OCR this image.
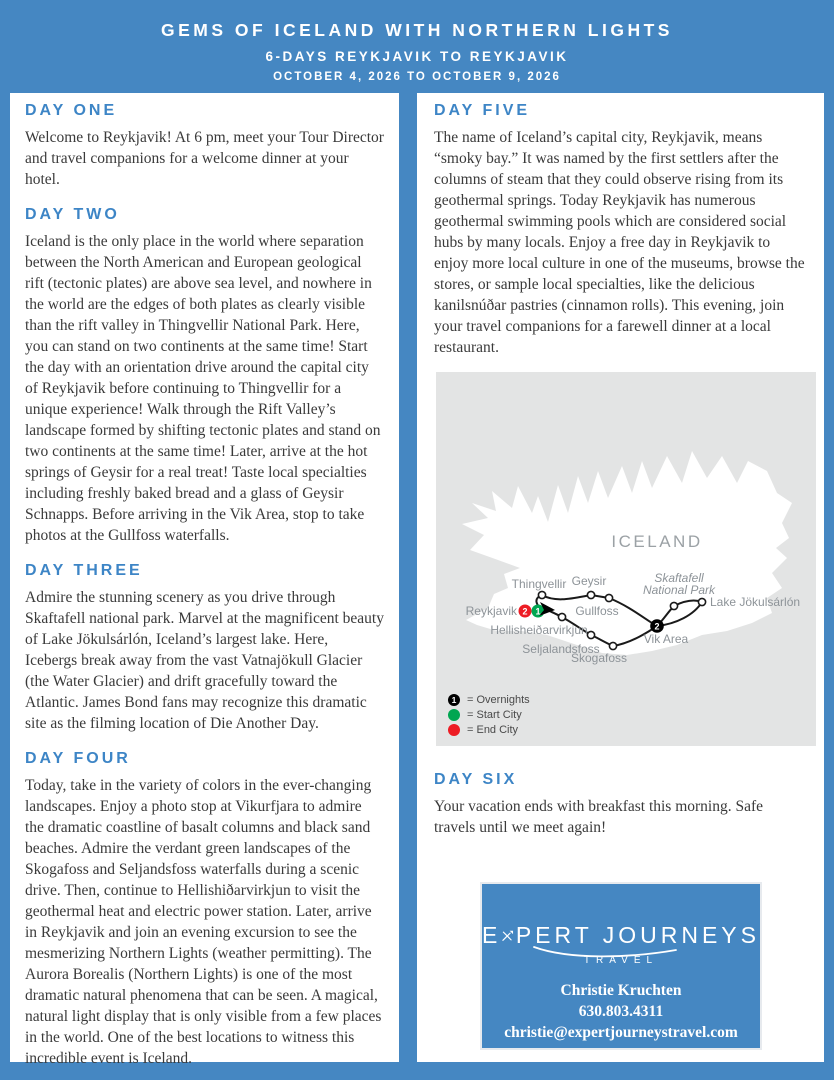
GEMS OF ICELAND WITH NORTHERN LIGHTS
6-DAYS REYKJAVIK TO REYKJAVIK
OCTOBER 4, 2026 TO OCTOBER 9, 2026
DAY ONE

Welcome to Reykjavik! At 6 pm, meet your Tour Director and travel companions for a welcome dinner at your hotel.

DAY TWO

Iceland is the only place in the world where separation between the North American and European geological rift (tectonic plates) are above sea level, and nowhere in the world are the edges of both plates as clearly visible than the rift valley in Thingvellir National Park. Here, you can stand on two continents at the same time! Start the day with an orientation drive around the capital city of Reykjavik before continuing to Thingvellir for a unique experience! Walk through the Rift Valley’s landscape formed by shifting tectonic plates and stand on two continents at the same time! Later, arrive at the hot springs of Geysir for a real treat! Taste local specialties including freshly baked bread and a glass of Geysir Schnapps. Before arriving in the Vik Area, stop to take photos at the Gullfoss waterfalls.

DAY THREE

Admire the stunning scenery as you drive through Skaftafell national park. Marvel at the magnificent beauty of Lake Jökulsárlón, Iceland’s largest lake. Here, Icebergs break away from the vast Vatnajökull Glacier (the Water Glacier) and drift gracefully toward the Atlantic. James Bond fans may recognize this dramatic site as the filming location of Die Another Day.

DAY FOUR

Today, take in the variety of colors in the ever-changing landscapes. Enjoy a photo stop at Vikurfjara to admire the dramatic coastline of basalt columns and black sand beaches. Admire the verdant green landscapes of the Skogafoss and Seljandsfoss waterfalls during a scenic drive. Then, continue to Hellishiðarvirkjun to visit the geothermal heat and electric power station. Later, arrive in Reykjavik and join an evening excursion to see the mesmerizing Northern Lights (weather permitting). The Aurora Borealis (Northern Lights) is one of the most dramatic natural phenomena that can be seen. A magical, natural light display that is only visible from a few places in the world. One of the best locations to witness this incredible event is Iceland.

DAY FIVE

The name of Iceland’s capital city, Reykjavik, means “smoky bay.” It was named by the first settlers after the columns of steam that they could observe rising from its geothermal springs. Today Reykjavik has numerous geothermal swimming pools which are considered social hubs by many locals. Enjoy a free day in Reykjavik to enjoy more local culture in one of the museums, browse the stores, or sample local specialties, like the delicious kanilsnúðar pastries (cinnamon rolls). This evening, join your travel companions for a farewell dinner at a local restaurant.

2 1
2
ICELAND
Thingvellir Geysir
Gullfoss
Skaftafell
National Park
Lake Jökulsárlón
Reykjavik
Hellisheiðarvirkjun
Seljalandsfoss
Skogafoss
Vik Area
1 = Overnights
= Start City
= End City
DAY SIX

Your vacation ends with breakfast this morning. Safe travels until we meet again!

E PERT JOURNEYS
TRAVEL
Christie Kruchten
630.803.4311
christie@expertjourneystravel.com
